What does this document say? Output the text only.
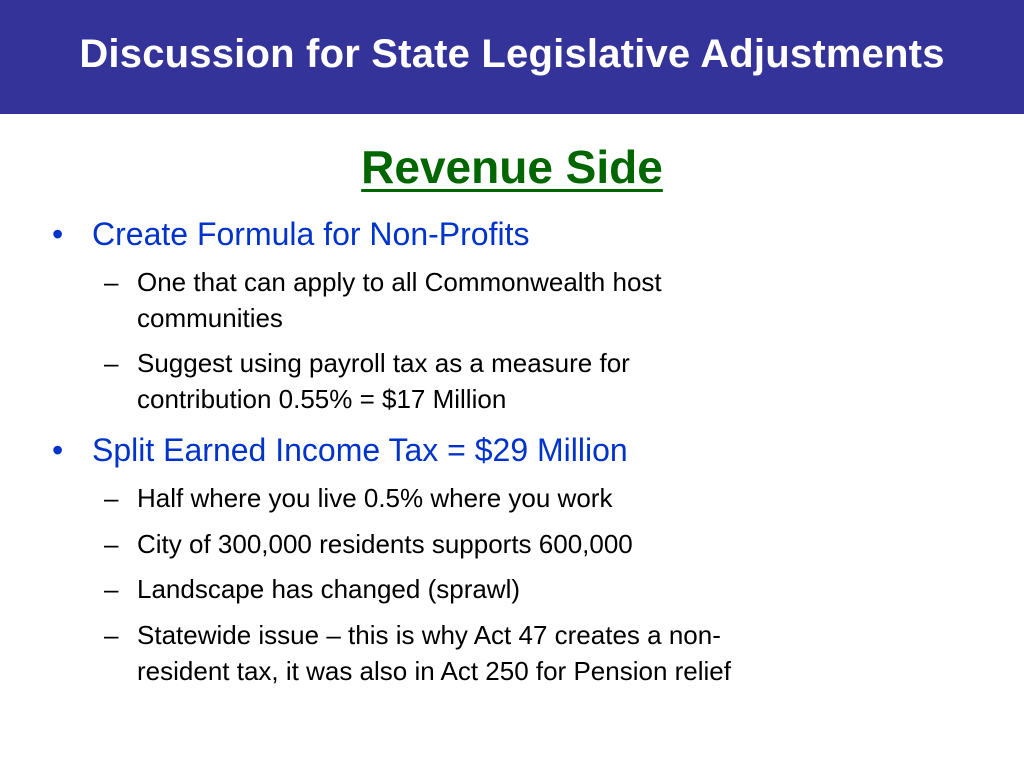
Discussion for State Legislative Adjustments
Revenue Side
• Create Formula for Non-Profits
– One that can apply to all Commonwealth host
communities
– Suggest using payroll tax as a measure for
contribution 0.55% = $17 Million
• Split Earned Income Tax = $29 Million
– Half where you live 0.5% where you work
– City of 300,000 residents supports 600,000
– Landscape has changed (sprawl)
– Statewide issue – this is why Act 47 creates a non-
resident tax, it was also in Act 250 for Pension relief
